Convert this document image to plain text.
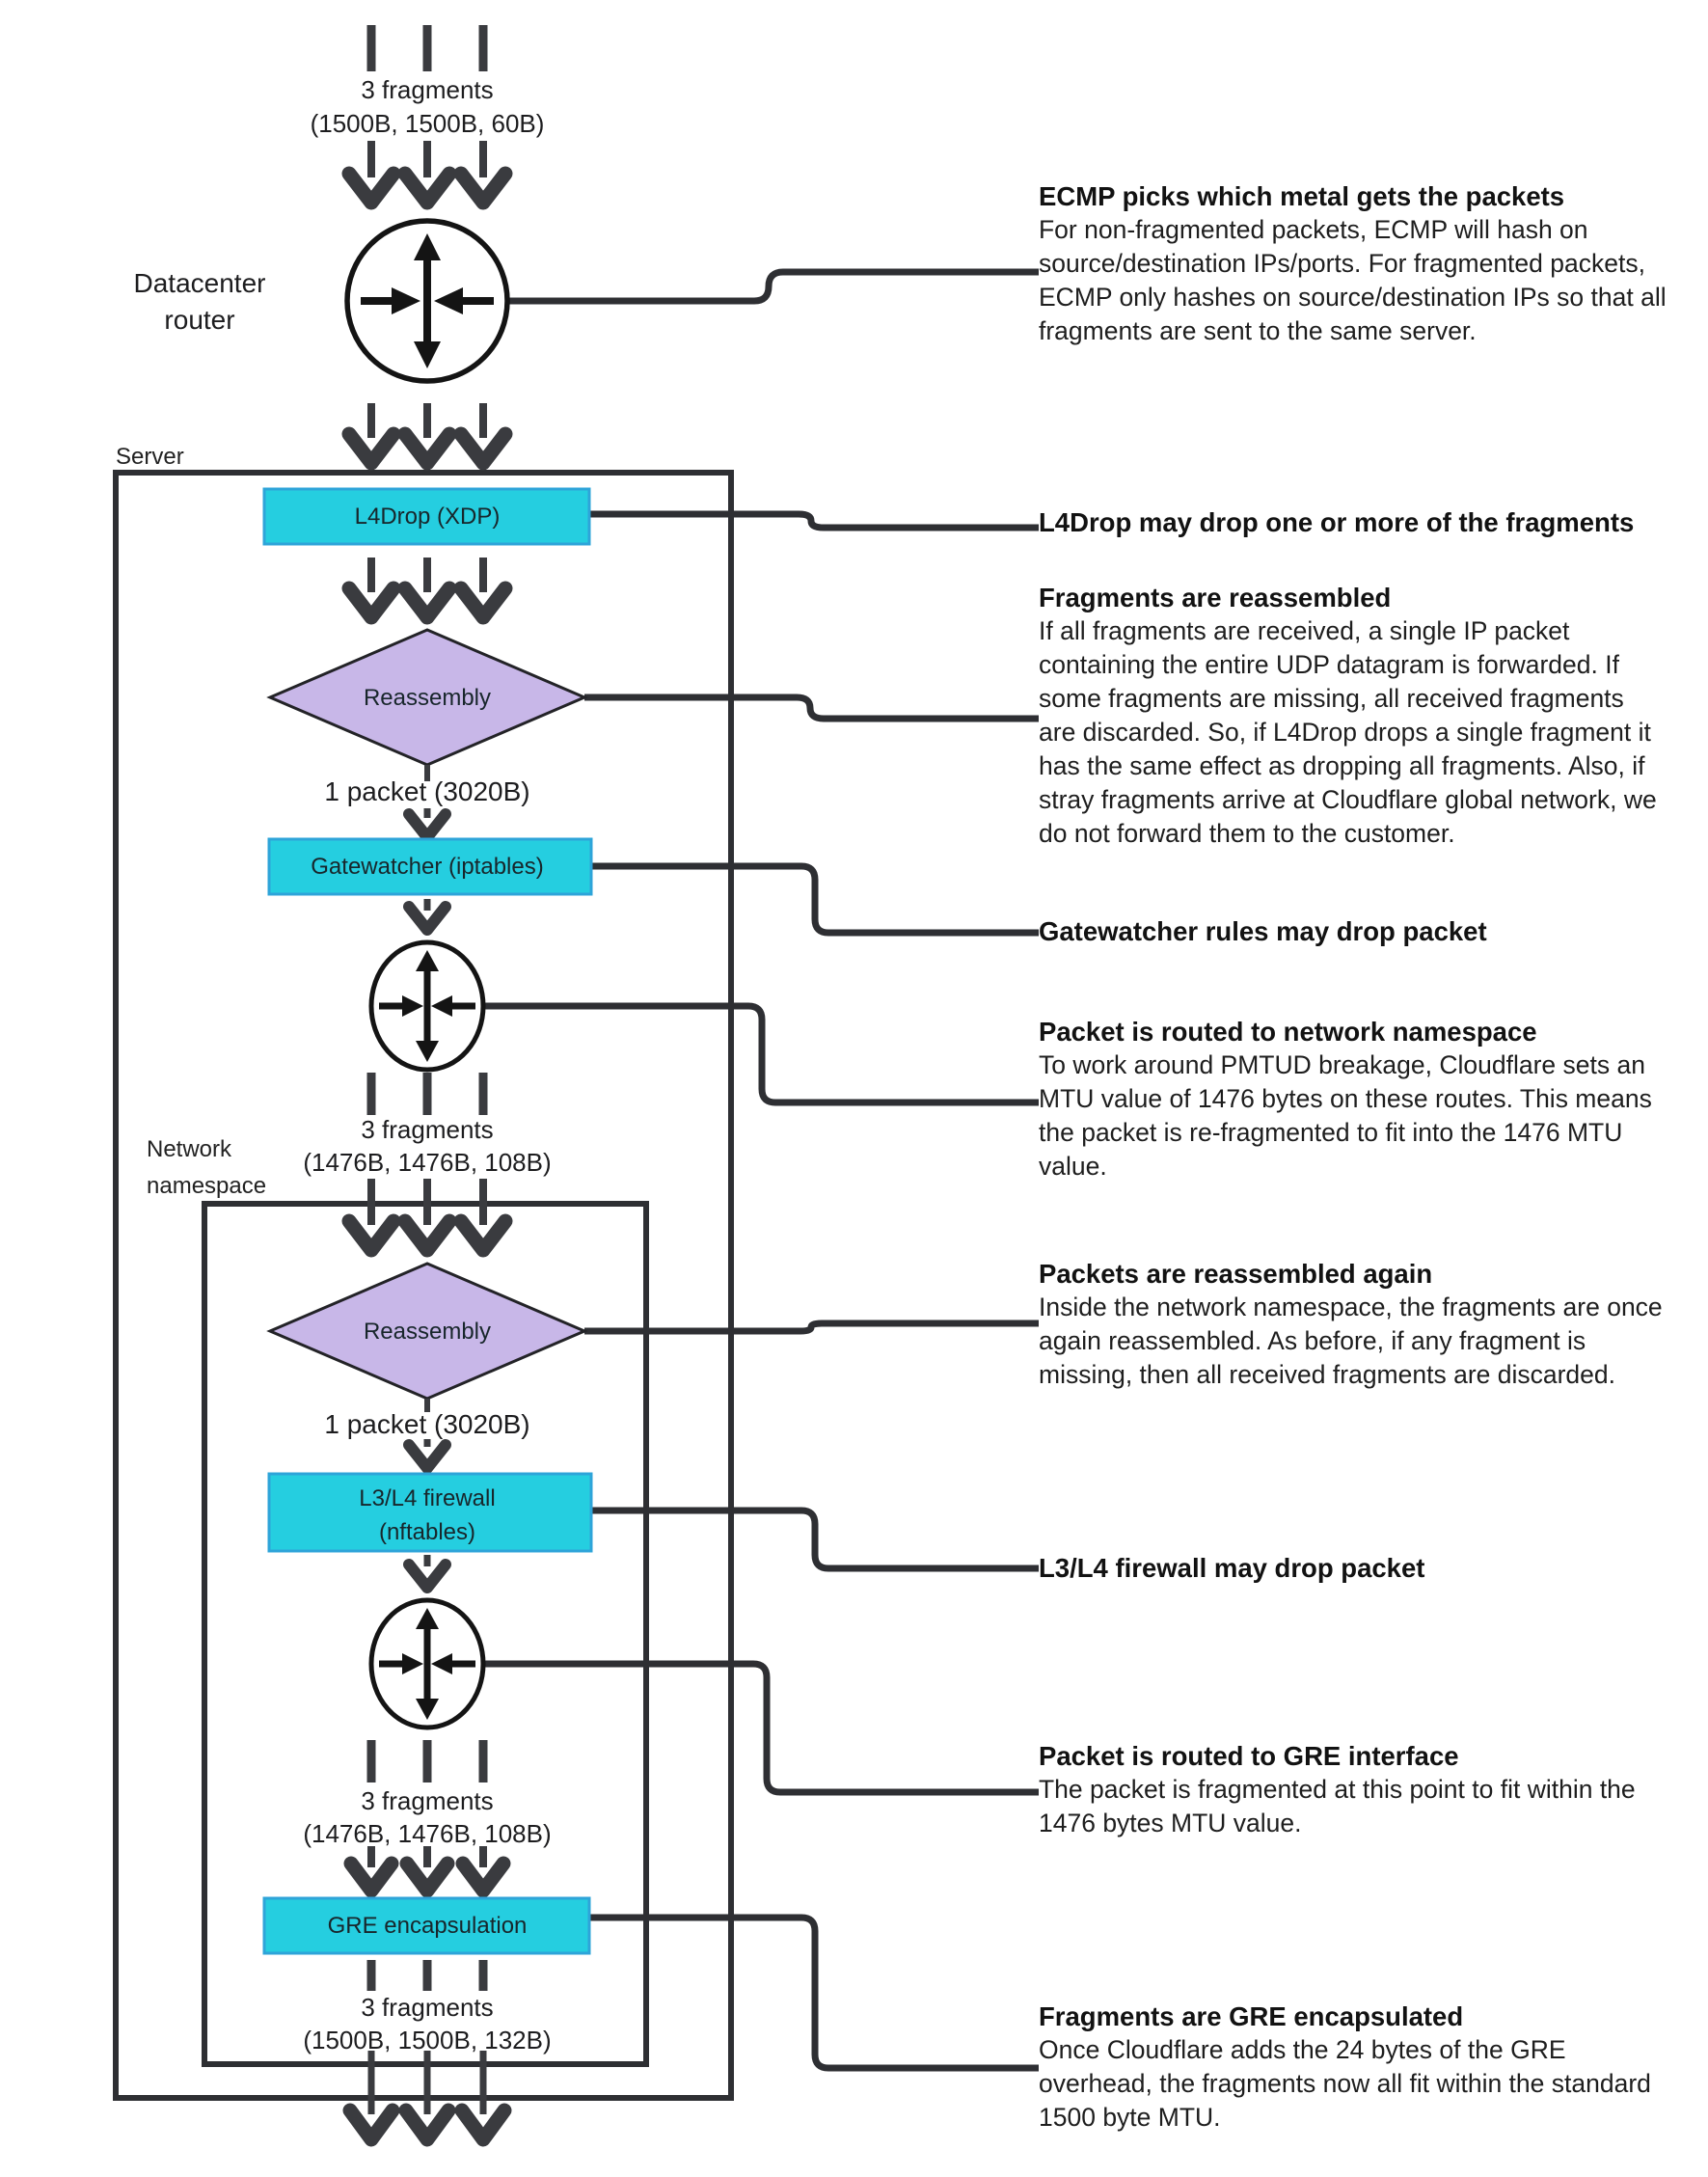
3 fragments
(1500B, 1500B, 60B)
Datacenter
router
Server
L4Drop (XDP)
Reassembly
1 packet (3020B)
Gatewatcher (iptables)
3 fragments
(1476B, 1476B, 108B)
Network
namespace
Reassembly
1 packet (3020B)
L3/L4 firewall
(nftables)
3 fragments
(1476B, 1476B, 108B)
GRE encapsulation
3 fragments
(1500B, 1500B, 132B)
ECMP picks which metal gets the packets
For non-fragmented packets, ECMP will hash on
source/destination IPs/ports. For fragmented packets,
ECMP only hashes on source/destination IPs so that all
fragments are sent to the same server.
L4Drop may drop one or more of the fragments
Fragments are reassembled
If all fragments are received, a single IP packet
containing the entire UDP datagram is forwarded. If
some fragments are missing, all received fragments
are discarded. So, if L4Drop drops a single fragment it
has the same effect as dropping all fragments. Also, if
stray fragments arrive at Cloudflare global network, we
do not forward them to the customer.
Gatewatcher rules may drop packet
Packet is routed to network namespace
To work around PMTUD breakage, Cloudflare sets an
MTU value of 1476 bytes on these routes. This means
the packet is re-fragmented to fit into the 1476 MTU
value.
Packets are reassembled again
Inside the network namespace, the fragments are once
again reassembled. As before, if any fragment is
missing, then all received fragments are discarded.
L3/L4 firewall may drop packet
Packet is routed to GRE interface
The packet is fragmented at this point to fit within the
1476 bytes MTU value.
Fragments are GRE encapsulated
Once Cloudflare adds the 24 bytes of the GRE
overhead, the fragments now all fit within the standard
1500 byte MTU.
